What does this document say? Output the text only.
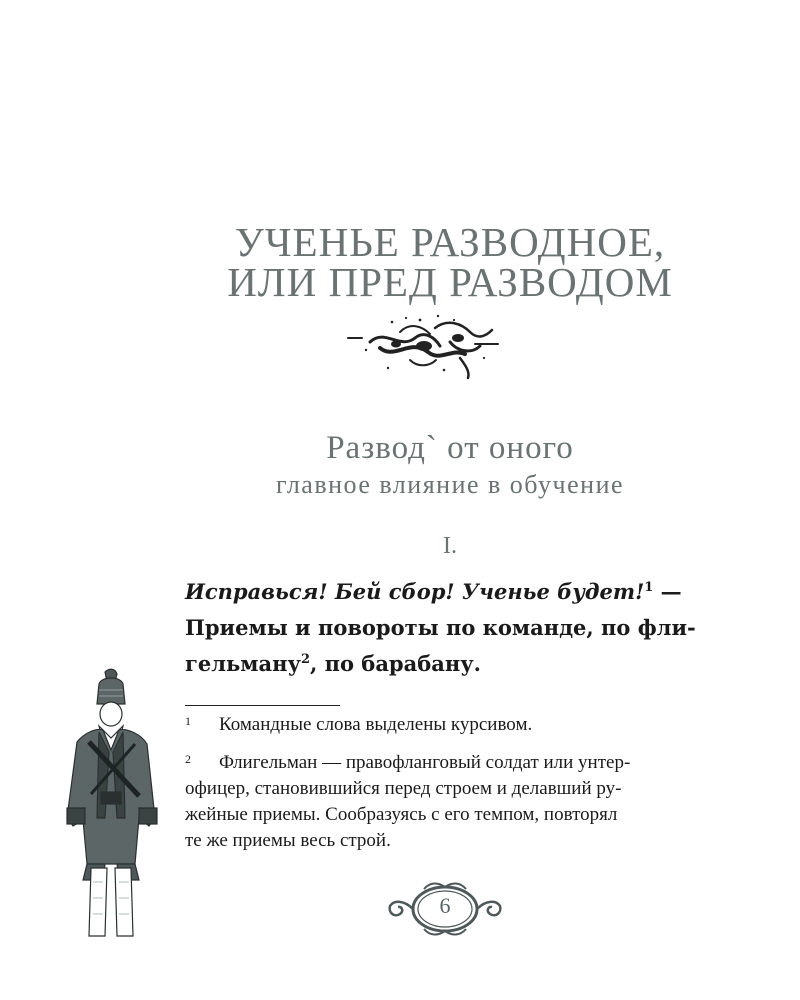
УЧЕНЬЕ РАЗВОДНОЕ,
ИЛИ ПРЕД РАЗВОДОМ
Развод` от оного
главное влияние в обучение
I.
Исправься! Бей сбор! Ученье будет!$^1$ —
Приемы и повороты по команде, по фли-
гельману$^2$, по барабану.
1 Командные слова выделены курсивом.
2	Флигельман — правофланговый солдат или унтер-
офицер, становившийся перед строем и делавший ру-
жейные приемы. Сообразуясь с его темпом, повторял
те же приемы весь строй.
6
